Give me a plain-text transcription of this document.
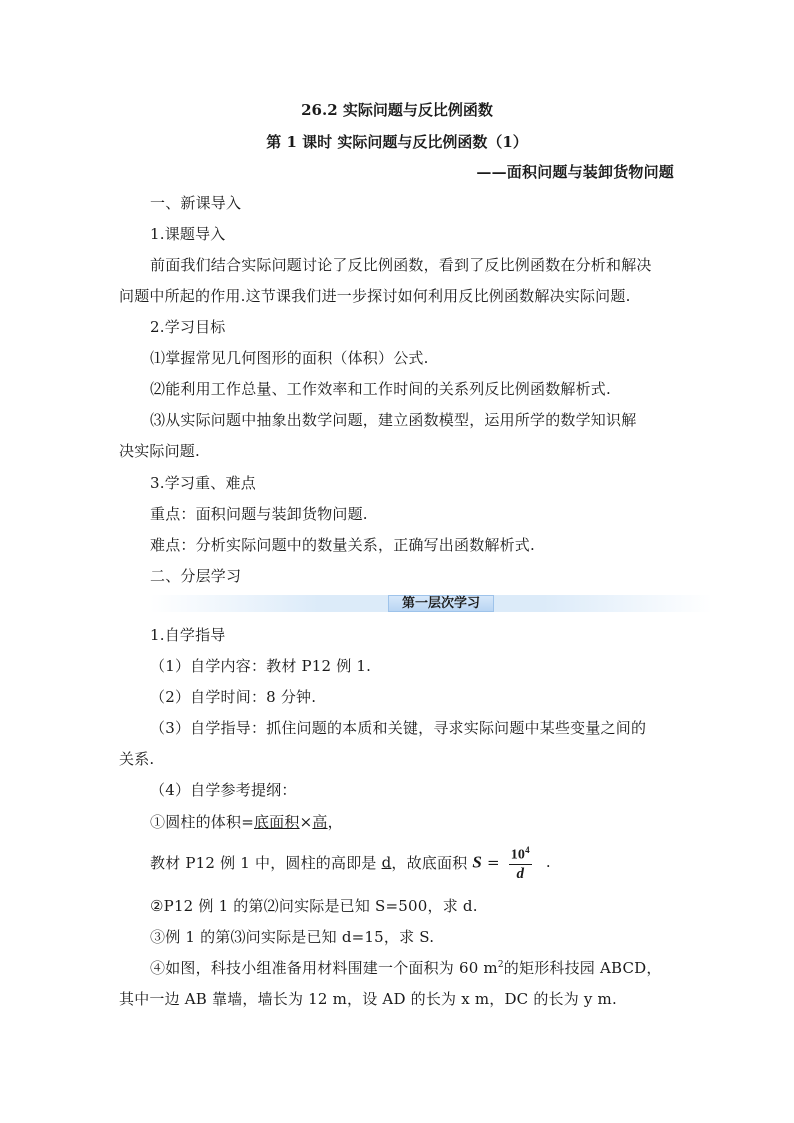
26.2 实际问题与反比例函数
第 1 课时 实际问题与反比例函数（1）
——面积问题与装卸货物问题
一、新课导入
1.课题导入
前面我们结合实际问题讨论了反比例函数，看到了反比例函数在分析和解决
问题中所起的作用.这节课我们进一步探讨如何利用反比例函数解决实际问题.
2.学习目标
⑴掌握常见几何图形的面积（体积）公式.
⑵能利用工作总量、工作效率和工作时间的关系列反比例函数解析式.
⑶从实际问题中抽象出数学问题，建立函数模型，运用所学的数学知识解
决实际问题.
3.学习重、难点
重点：面积问题与装卸货物问题.
难点：分析实际问题中的数量关系，正确写出函数解析式.
二、分层学习
第一层次学习
1.自学指导
（1）自学内容：教材 P12 例 1.
（2）自学时间：8 分钟.
（3）自学指导：抓住问题的本质和关键，寻求实际问题中某些变量之间的
关系.
（4）自学参考提纲：
①圆柱的体积=底面积×高，
教材 P12 例 1 中，圆柱的高即是 d，故底面积 $S = \frac{10^4}{d}$ .
②P12 例 1 的第⑵问实际是已知 S=500，求 d.
③例 1 的第⑶问实际是已知 d=15，求 S.
④如图，科技小组准备用材料围建一个面积为 60 $m^2$的矩形科技园 ABCD，
其中一边 AB 靠墙，墙长为 12 m，设 AD 的长为 x m，DC 的长为 y m.
